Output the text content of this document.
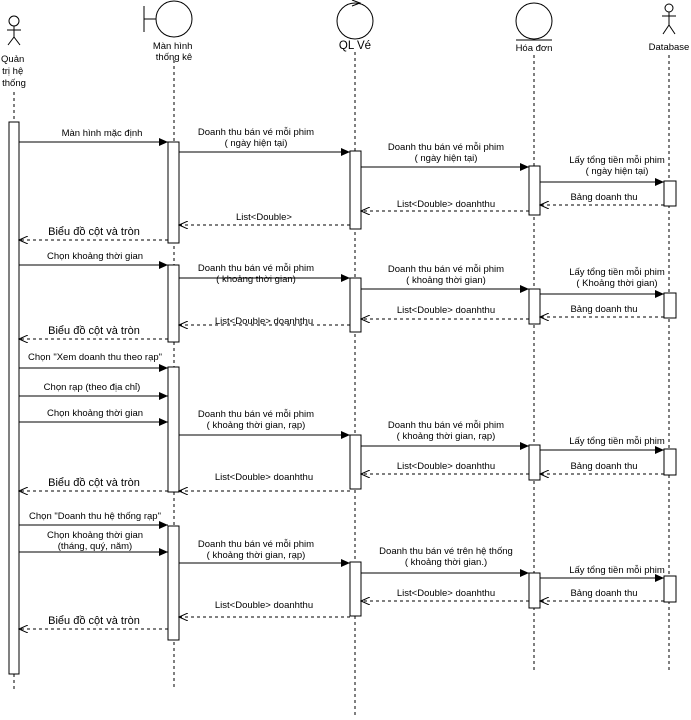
Quản trị hệ thống
Màn hình thống kê
QL Vé	Hóa đơn	Database
Màn hình mặc định	Doanh thu bán vé mỗi phim ( ngày hiện tại)	Doanh thu bán vé mỗi phim ( ngày hiện tại)	Lấy tổng tiền mỗi phim ( ngày hiện tại)
Bảng doanh thu
List<Double> doanhthu
List<Double>
Biểu đồ cột và tròn
Chọn khoảng thời gian
Doanh thu bán vé mỗi phim ( khoảng thời gian)
Doanh thu bán vé mỗi phim ( khoảng thời gian)
Lấy tổng tiền mỗi phim ( Khoảng thời gian)
Bảng doanh thu
List<Double> doanhthu
List<Double> doanhthu
Biểu đồ cột và tròn
Chọn "Xem doanh thu theo rạp"
Chọn rạp (theo địa chỉ)
Chọn khoảng thời gian	Doanh thu bán vé mỗi phim ( khoảng thời gian, rạp)	Doanh thu bán vé mỗi phim ( khoảng thời gian, rạp)	Lấy tổng tiền mỗi phim
Bảng doanh thu
List<Double> doanhthu
List<Double> doanhthu
Biểu đồ cột và tròn
Chọn "Doanh thu hệ thống rạp"
Chọn khoảng thời gian (tháng, quý, năm)	Doanh thu bán vé mỗi phim ( khoảng thời gian, rạp)	Doanh thu bán vé trên hệ thống ( khoảng thời gian.)
Lấy tổng tiền mỗi phim
Bảng doanh thu
List<Double> doanhthu
List<Double> doanhthu
Biểu đồ cột và tròn
